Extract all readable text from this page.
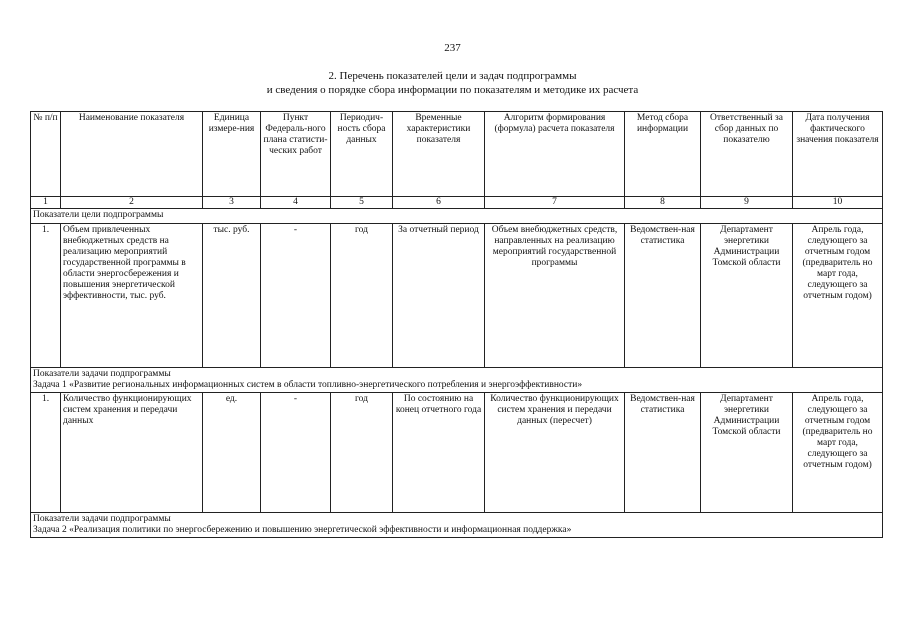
237
2. Перечень показателей цели и задач подпрограммы
и сведения о порядке сбора информации по показателям и методике их расчета
№ п/п	Наименование показателя	Единица измере-ния	Пункт Федераль-ного плана статисти-ческих работ	Периодич-ность сбора данных	Временные характеристики показателя	Алгоритм формирования (формула) расчета показателя	Метод сбора информации	Ответственный за сбор данных по показателю	Дата получения фактического значения показателя
1	2	3	4	5	6	7	8	9	10
Показатели цели подпрограммы									
1.	Объем привлеченных внебюджетных средств на реализацию мероприятий государственной программы в области энергосбережения и повышения энергетической эффективности, тыс. руб.	тыс. руб.	-	год	За отчетный период	Объем внебюджетных средств, направленных на реализацию мероприятий государственной программы	Ведомствен-ная статистика	Департамент энергетики Администрации Томской области	Апрель года, следующего за отчетным годом (предваритель но март года, следующего за отчетным годом)

Показатели задачи подпрограммы
Задача 1 «Развитие региональных информационных систем в области топливно-энергетического потребления и энергоэффективности»									

1.	Количество функционирующих систем хранения и передачи данных	ед.	-	год	По состоянию на конец отчетного года	Количество функционирующих систем хранения и передачи данных (пересчет)	Ведомствен-ная статистика	Департамент энергетики Администрации Томской области	Апрель года, следующего за отчетным годом (предваритель но март года, следующего за отчетным годом)

Показатели задачи подпрограммы
Задача 2 «Реализация политики по энергосбережению и повышению энергетической эффективности и информационная поддержка»									
